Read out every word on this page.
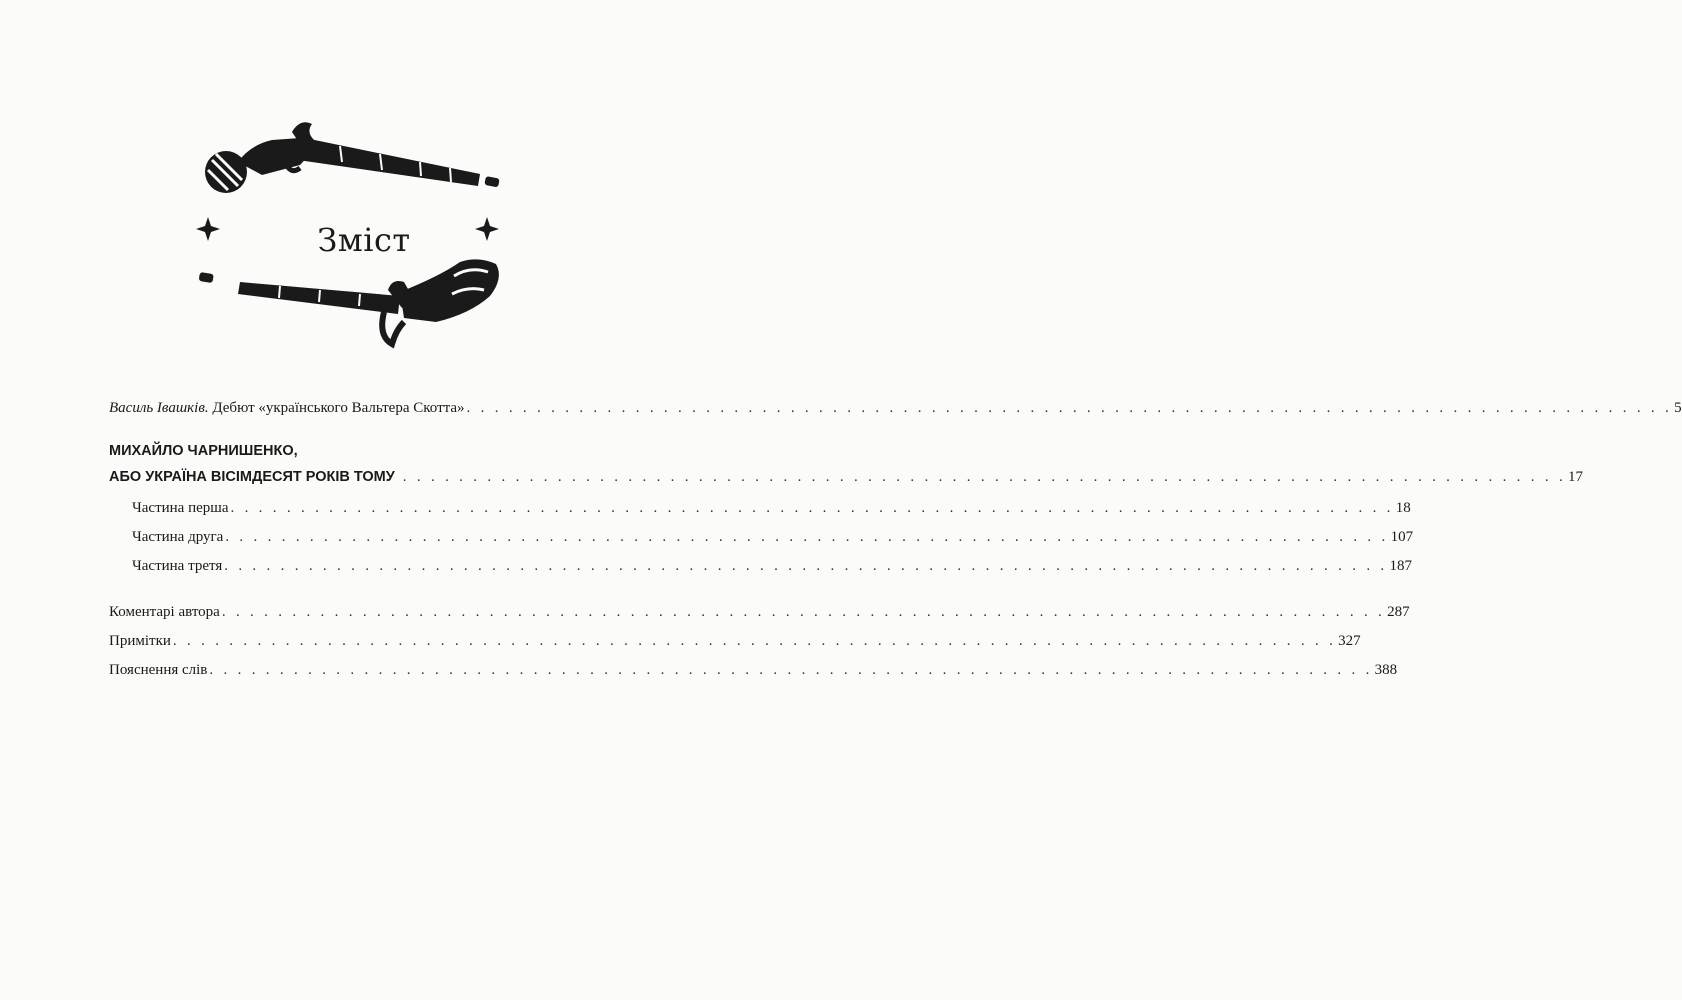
Зміст
Василь Івашків. Дебют «українського Вальтера Скотта» . . . . . . . . . . . . . . . . . . . . . . . . . . . . . . . . . . . . . . . . . . . . . . . . . . . . . . . . . . . . . . . . . . . . . . . . . . . . . . . . . . . . . . 5
МИХАЙЛО ЧАРНИШЕНКО,
АБО УКРАЇНА ВІСІМДЕСЯТ РОКІВ ТОМУ . . . . . . . . . . . . . . . . . . . . . . . . . . . . . . . . . . . . . . . . . . . . . . . . . . . . . . . . . . . . . . . . . . . . . . . . . . . . . . . . . . . 17
Частина перша . . . . . . . . . . . . . . . . . . . . . . . . . . . . . . . . . . . . . . . . . . . . . . . . . . . . . . . . . . . . . . . . . . . . . . . . . . . . . . . . . . . 18
Частина друга . . . . . . . . . . . . . . . . . . . . . . . . . . . . . . . . . . . . . . . . . . . . . . . . . . . . . . . . . . . . . . . . . . . . . . . . . . . . . . . . . . . 107
Частина третя . . . . . . . . . . . . . . . . . . . . . . . . . . . . . . . . . . . . . . . . . . . . . . . . . . . . . . . . . . . . . . . . . . . . . . . . . . . . . . . . . . . 187
Коментарі автора . . . . . . . . . . . . . . . . . . . . . . . . . . . . . . . . . . . . . . . . . . . . . . . . . . . . . . . . . . . . . . . . . . . . . . . . . . . . . . . . . . . 287
Примітки . . . . . . . . . . . . . . . . . . . . . . . . . . . . . . . . . . . . . . . . . . . . . . . . . . . . . . . . . . . . . . . . . . . . . . . . . . . . . . . . . . . 327
Пояснення слів . . . . . . . . . . . . . . . . . . . . . . . . . . . . . . . . . . . . . . . . . . . . . . . . . . . . . . . . . . . . . . . . . . . . . . . . . . . . . . . . . . . 388
